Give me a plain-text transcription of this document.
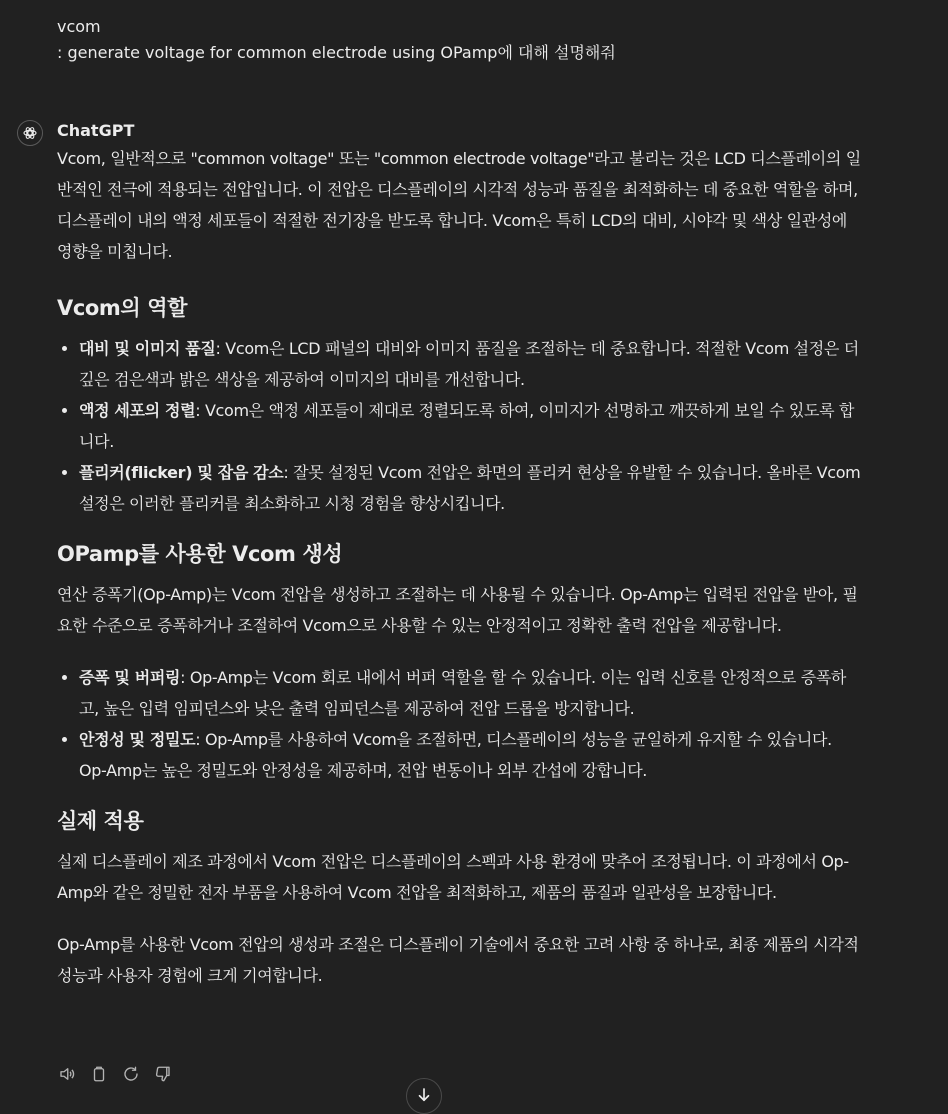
vcom
: generate voltage for common electrode using OPamp에 대해 설명해줘
ChatGPT

Vcom, 일반적으로 "common voltage" 또는 "common electrode voltage"라고 불리는 것은 LCD 디스플레이의 일반적인 전극에 적용되는 전압입니다. 이 전압은 디스플레이의 시각적 성능과 품질을 최적화하는 데 중요한 역할을 하며, 디스플레이 내의 액정 세포들이 적절한 전기장을 받도록 합니다. Vcom은 특히 LCD의 대비, 시야각 및 색상 일관성에 영향을 미칩니다.

Vcom의 역할
• 대비 및 이미지 품질: Vcom은 LCD 패널의 대비와 이미지 품질을 조절하는 데 중요합니다. 적절한 Vcom 설정은 더 깊은 검은색과 밝은 색상을 제공하여 이미지의 대비를 개선합니다.
• 액정 세포의 정렬: Vcom은 액정 세포들이 제대로 정렬되도록 하여, 이미지가 선명하고 깨끗하게 보일 수 있도록 합니다.
• 플리커(flicker) 및 잡음 감소: 잘못 설정된 Vcom 전압은 화면의 플리커 현상을 유발할 수 있습니다. 올바른 Vcom 설정은 이러한 플리커를 최소화하고 시청 경험을 향상시킵니다.
OPamp를 사용한 Vcom 생성

연산 증폭기(Op-Amp)는 Vcom 전압을 생성하고 조절하는 데 사용될 수 있습니다. Op-Amp는 입력된 전압을 받아, 필요한 수준으로 증폭하거나 조절하여 Vcom으로 사용할 수 있는 안정적이고 정확한 출력 전압을 제공합니다.

• 증폭 및 버퍼링: Op-Amp는 Vcom 회로 내에서 버퍼 역할을 할 수 있습니다. 이는 입력 신호를 안정적으로 증폭하고, 높은 입력 임피던스와 낮은 출력 임피던스를 제공하여 전압 드롭을 방지합니다.
• 안정성 및 정밀도: Op-Amp를 사용하여 Vcom을 조절하면, 디스플레이의 성능을 균일하게 유지할 수 있습니다. Op-Amp는 높은 정밀도와 안정성을 제공하며, 전압 변동이나 외부 간섭에 강합니다.
실제 적용

실제 디스플레이 제조 과정에서 Vcom 전압은 디스플레이의 스펙과 사용 환경에 맞추어 조정됩니다. 이 과정에서 Op-Amp와 같은 정밀한 전자 부품을 사용하여 Vcom 전압을 최적화하고, 제품의 품질과 일관성을 보장합니다.

Op-Amp를 사용한 Vcom 전압의 생성과 조절은 디스플레이 기술에서 중요한 고려 사항 중 하나로, 최종 제품의 시각적 성능과 사용자 경험에 크게 기여합니다.
